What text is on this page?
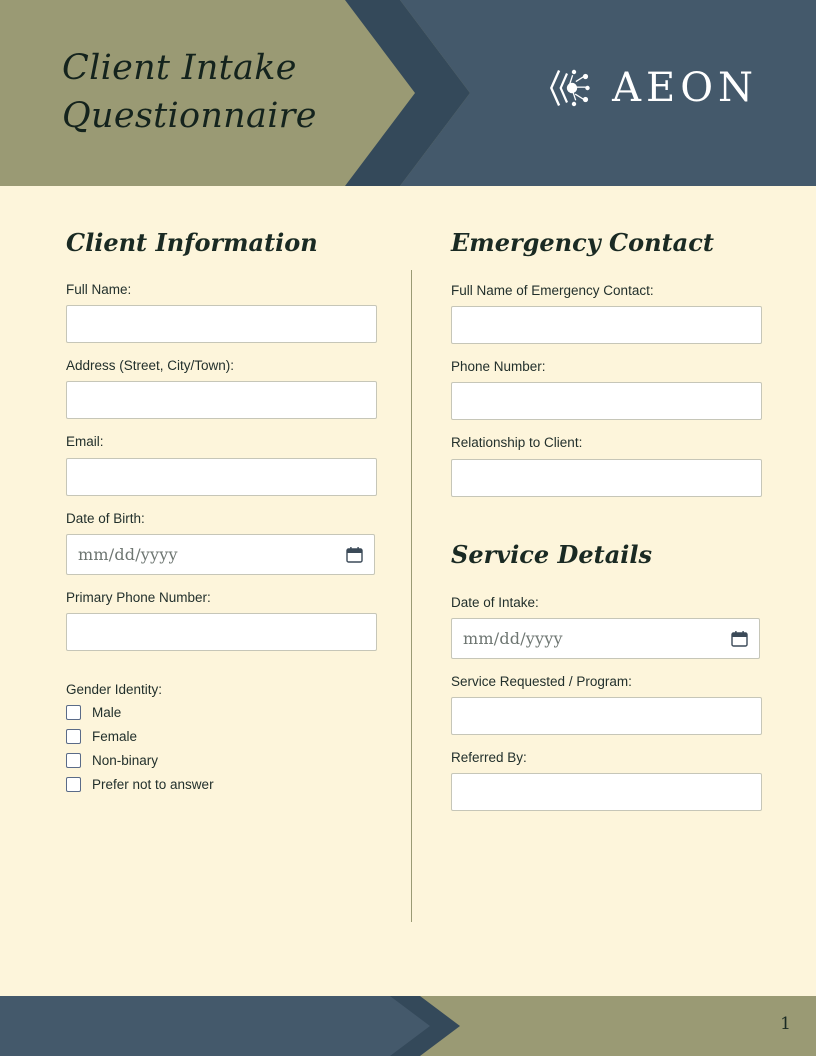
Client Intake
Questionnaire
AEON
Client Information

Full Name:

Address (Street, City/Town):

Email:

Date of Birth:

mm/dd/yyyy

Primary Phone Number:

Gender Identity:

Male
Female
Non-binary
Prefer not to answer
Emergency Contact

Full Name of Emergency Contact:

Phone Number:

Relationship to Client:

Service Details

Date of Intake:

mm/dd/yyyy

Service Requested / Program:

Referred By:

1
